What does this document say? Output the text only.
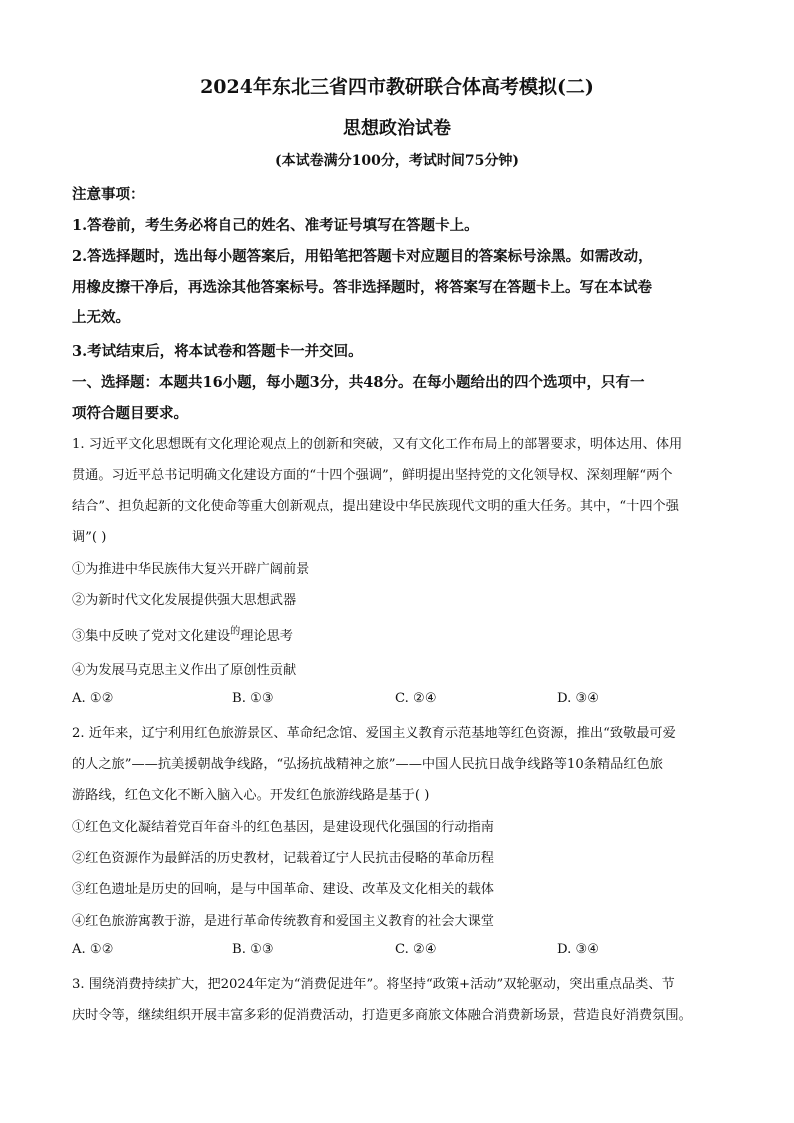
2024年东北三省四市教研联合体高考模拟(二)
思想政治试卷
(本试卷满分100分，考试时间75分钟)
注意事项：
1.答卷前，考生务必将自己的姓名、准考证号填写在答题卡上。
2.答选择题时，选出每小题答案后，用铅笔把答题卡对应题目的答案标号涂黑。如需改动，
用橡皮擦干净后，再选涂其他答案标号。答非选择题时，将答案写在答题卡上。写在本试卷
上无效。
3.考试结束后，将本试卷和答题卡一并交回。
一、选择题：本题共16小题，每小题3分，共48分。在每小题给出的四个选项中，只有一
项符合题目要求。
1. 习近平文化思想既有文化理论观点上的创新和突破，又有文化工作布局上的部署要求，明体达用、体用
贯通。习近平总书记明确文化建设方面的“十四个强调”，鲜明提出坚持党的文化领导权、深刻理解“两个
结合”、担负起新的文化使命等重大创新观点，提出建设中华民族现代文明的重大任务。其中，“十四个强
调”( )
①为推进中华民族伟大复兴开辟广阔前景
②为新时代文化发展提供强大思想武器
③集中反映了党对文化建设$^的$理论思考
④为发展马克思主义作出了原创性贡献
A. ①②	B. ①③	C. ②④	D. ③④
2. 近年来，辽宁利用红色旅游景区、革命纪念馆、爱国主义教育示范基地等红色资源，推出“致敬最可爱
的人之旅”——抗美援朝战争线路，“弘扬抗战精神之旅”——中国人民抗日战争线路等10条精品红色旅
游路线，红色文化不断入脑入心。开发红色旅游线路是基于( )
①红色文化凝结着党百年奋斗的红色基因，是建设现代化强国的行动指南
②红色资源作为最鲜活的历史教材，记载着辽宁人民抗击侵略的革命历程
③红色遗址是历史的回响，是与中国革命、建设、改革及文化相关的载体
④红色旅游寓教于游，是进行革命传统教育和爱国主义教育的社会大课堂
A. ①②	B. ①③	C. ②④	D. ③④
3. 围绕消费持续扩大，把2024年定为“消费促进年”。将坚持“政策+活动”双轮驱动，突出重点品类、节
庆时令等，继续组织开展丰富多彩的促消费活动，打造更多商旅文体融合消费新场景，营造良好消费氛围。
